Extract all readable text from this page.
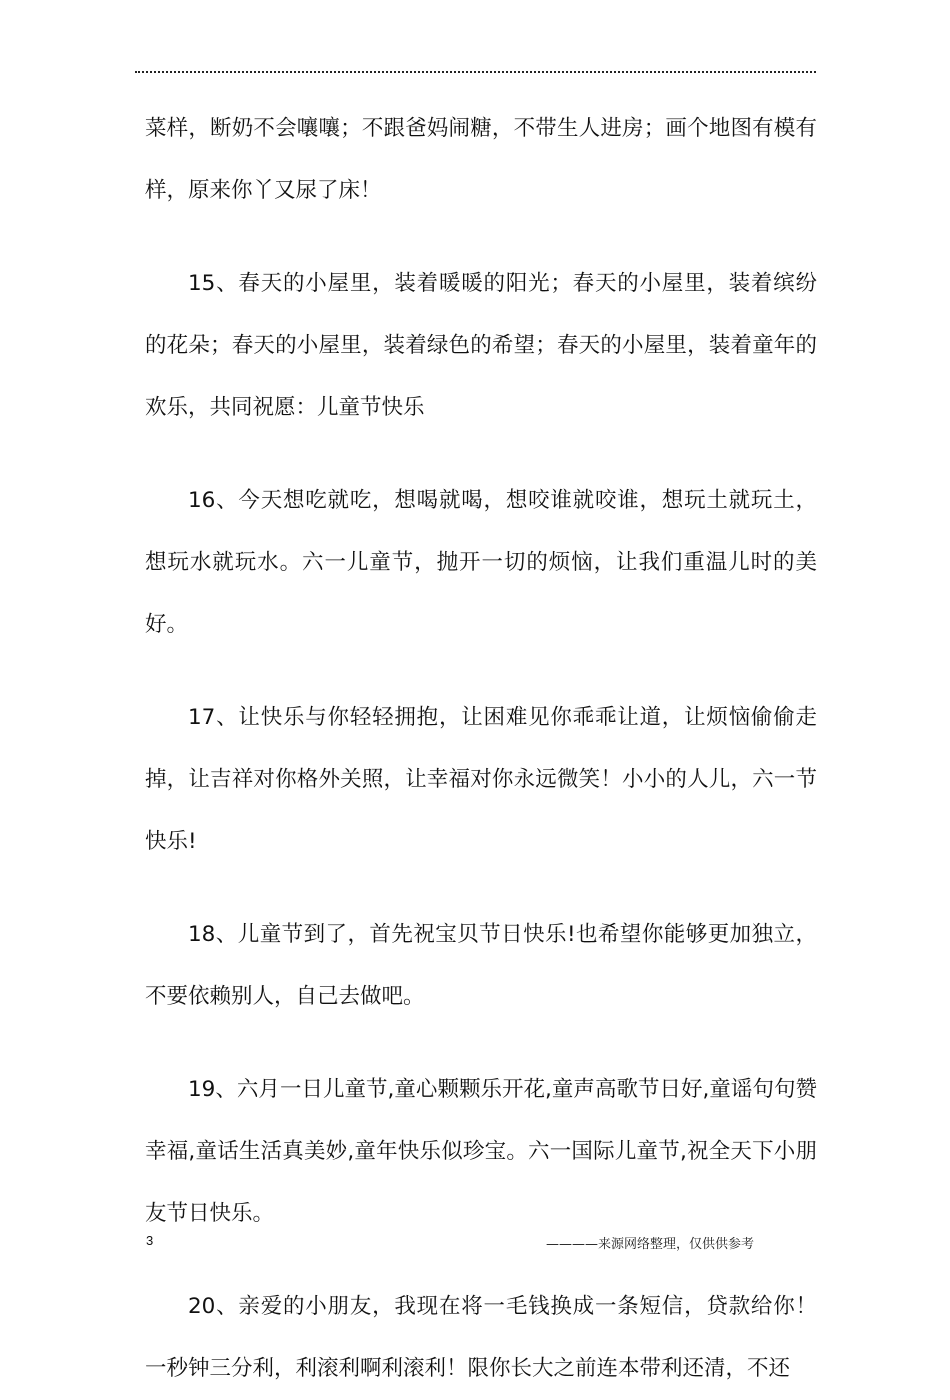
菜样，断奶不会嚷嚷；不跟爸妈闹糖，不带生人进房；画个地图有模有样，原来你丫又尿了床！

15、春天的小屋里，装着暖暖的阳光；春天的小屋里，装着缤纷的花朵；春天的小屋里，装着绿色的希望；春天的小屋里，装着童年的欢乐，共同祝愿：儿童节快乐

16、今天想吃就吃，想喝就喝，想咬谁就咬谁，想玩土就玩土，想玩水就玩水。六一儿童节，抛开一切的烦恼，让我们重温儿时的美好。

17、让快乐与你轻轻拥抱，让困难见你乖乖让道，让烦恼偷偷走掉，让吉祥对你格外关照，让幸福对你永远微笑！小小的人儿，六一节快乐!

18、儿童节到了，首先祝宝贝节日快乐!也希望你能够更加独立，不要依赖别人，自己去做吧。

19、六月一日儿童节,童心颗颗乐开花,童声高歌节日好,童谣句句赞幸福,童话生活真美妙,童年快乐似珍宝。六一国际儿童节,祝全天下小朋友节日快乐。

20、亲爱的小朋友，我现在将一毛钱换成一条短信，贷款给你！一秒钟三分利，利滚利啊利滚利！限你长大之前连本带利还清，不还

3	————来源网络整理，仅供供参考
